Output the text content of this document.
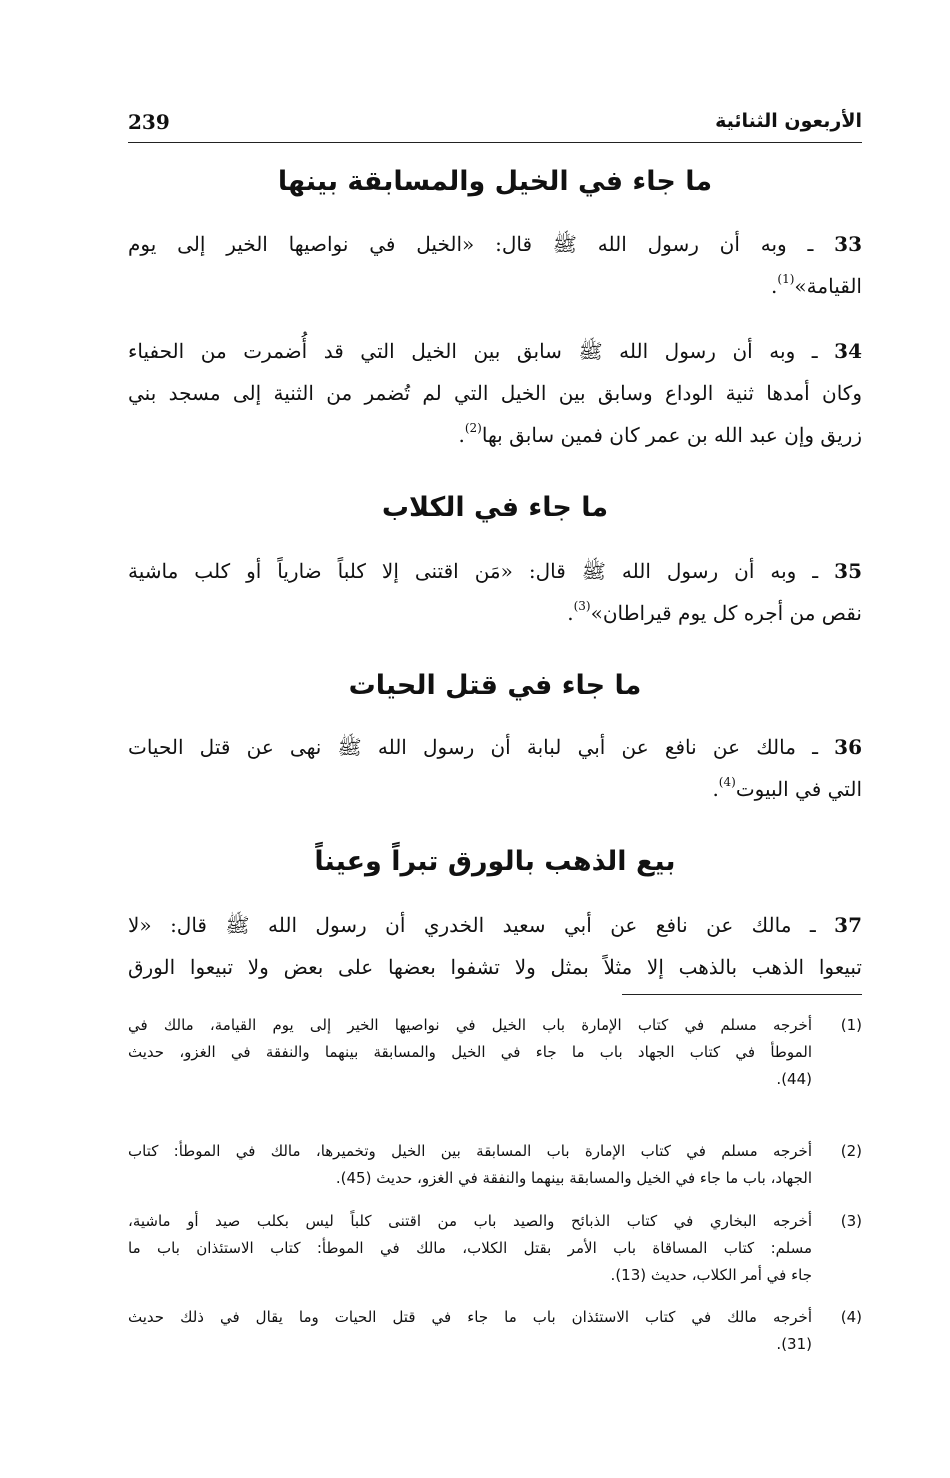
الأربعون الثنائية
239
ما جاء في الخيل والمسابقة بينها
33 ـ وبه أن رسول الله ﷺ قال: «الخيل في نواصيها الخير إلى يوم
القيامة»$^{(1)}$.
34 ـ وبه أن رسول الله ﷺ سابق بين الخيل التي قد أُضمرت من الحفياء
وكان أمدها ثنية الوداع وسابق بين الخيل التي لم تُضمر من الثنية إلى مسجد بني
زريق وإن عبد الله بن عمر كان فمين سابق بها$^{(2)}$.
ما جاء في الكلاب
35 ـ وبه أن رسول الله ﷺ قال: «مَن اقتنى إلا كلباً ضارياً أو كلب ماشية
نقص من أجره كل يوم قيراطان»$^{(3)}$.
ما جاء في قتل الحيات
36 ـ مالك عن نافع عن أبي لبابة أن رسول الله ﷺ نهى عن قتل الحيات
التي في البيوت$^{(4)}$.
بيع الذهب بالورق تبراً وعيناً
37 ـ مالك عن نافع عن أبي سعيد الخدري أن رسول الله ﷺ قال: «لا
تبيعوا الذهب بالذهب إلا مثلاً بمثل ولا تشفوا بعضها على بعض ولا تبيعوا الورق
(1)
أخرجه مسلم في كتاب الإمارة باب الخيل في نواصيها الخير إلى يوم القيامة، مالك في
الموطأ في كتاب الجهاد باب ما جاء في الخيل والمسابقة بينهما والنفقة في الغزو، حديث
(44).
(2)
أخرجه مسلم في كتاب الإمارة باب المسابقة بين الخيل وتخميرها، مالك في الموطأ: كتاب
الجهاد، باب ما جاء في الخيل والمسابقة بينهما والنفقة في الغزو، حديث (45).
(3)
أخرجه البخاري في كتاب الذبائح والصيد باب من اقتنى كلباً ليس بكلب صيد أو ماشية،
مسلم: كتاب المساقاة باب الأمر بقتل الكلاب، مالك في الموطأ: كتاب الاستئذان باب ما
جاء في أمر الكلاب، حديث (13).
(4)
أخرجه مالك في كتاب الاستئذان باب ما جاء في قتل الحيات وما يقال في ذلك حديث
(31).
